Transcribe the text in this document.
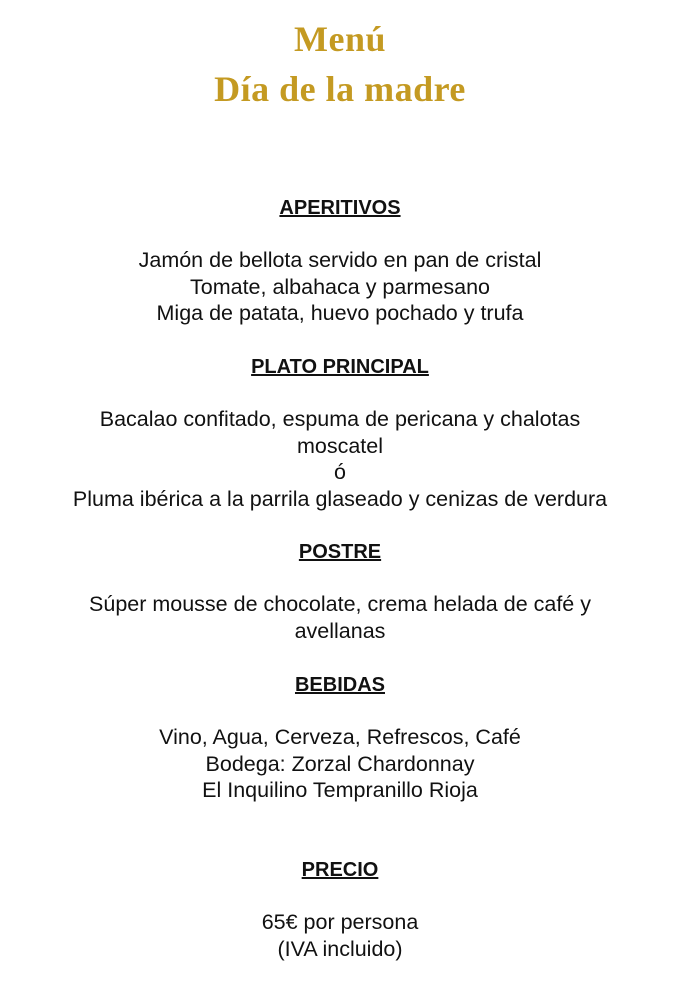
Menú
Día de la madre
APERITIVOS
Jamón de bellota servido en pan de cristal
Tomate, albahaca y parmesano
Miga de patata, huevo pochado y trufa
PLATO PRINCIPAL
Bacalao confitado, espuma de pericana y chalotas
moscatel
ó
Pluma ibérica a la parrila glaseado y cenizas de verdura
POSTRE
Súper mousse de chocolate, crema helada de café y
avellanas
BEBIDAS
Vino, Agua, Cerveza, Refrescos, Café
Bodega: Zorzal Chardonnay
El Inquilino Tempranillo Rioja
PRECIO
65€ por persona
(IVA incluido)
